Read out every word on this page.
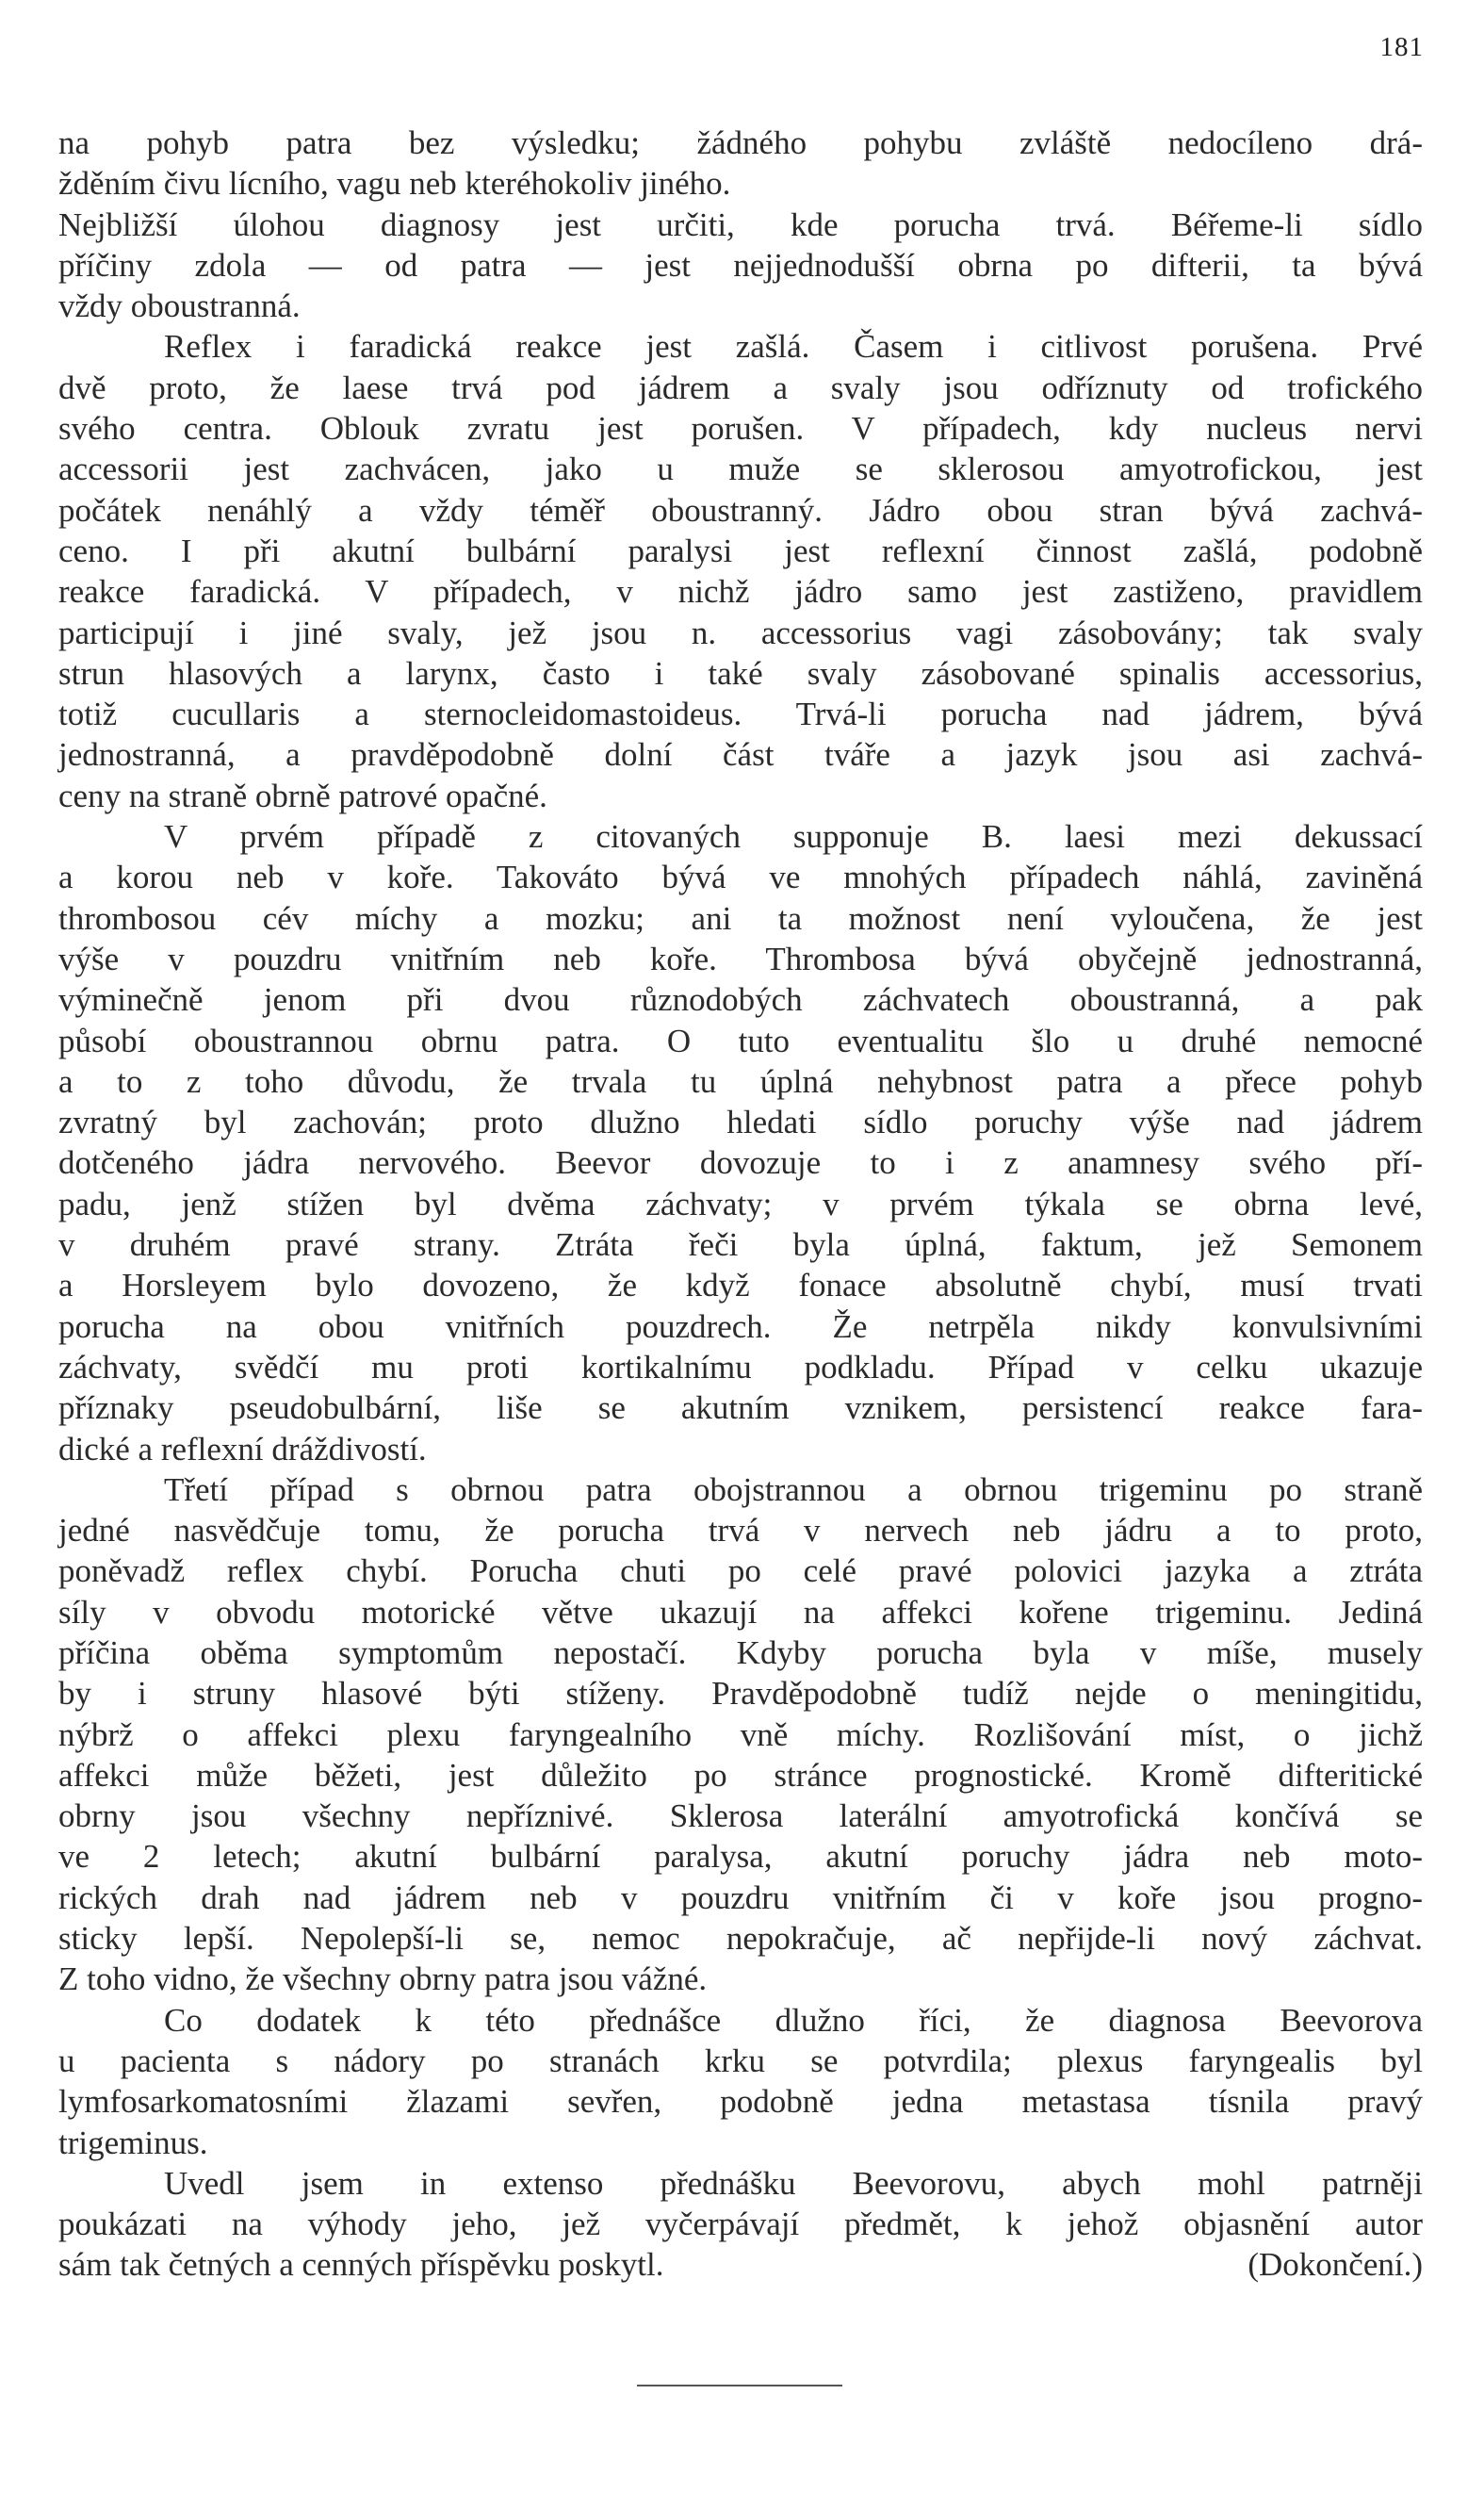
181
na pohyb patra bez výsledku; žádného pohybu zvláště nedocíleno drá-
žděním čivu lícního, vagu neb kteréhokoliv jiného.
Nejbližší úlohou diagnosy jest určiti, kde porucha trvá. Béřeme-li sídlo
příčiny zdola — od patra — jest nejjednodušší obrna po difterii, ta bývá
vždy oboustranná.
Reflex i faradická reakce jest zašlá. Časem i citlivost porušena. Prvé
dvě proto, že laese trvá pod jádrem a svaly jsou odříznuty od trofického
svého centra. Oblouk zvratu jest porušen. V případech, kdy nucleus nervi
accessorii jest zachvácen, jako u muže se sklerosou amyotrofickou, jest
počátek nenáhlý a vždy téměř oboustranný. Jádro obou stran bývá zachvá-
ceno. I při akutní bulbární paralysi jest reflexní činnost zašlá, podobně
reakce faradická. V případech, v nichž jádro samo jest zastiženo, pravidlem
participují i jiné svaly, jež jsou n. accessorius vagi zásobovány; tak svaly
strun hlasových a larynx, často i také svaly zásobované spinalis accessorius,
totiž cucullaris a sternocleidomastoideus. Trvá-li porucha nad jádrem, bývá
jednostranná, a pravděpodobně dolní část tváře a jazyk jsou asi zachvá-
ceny na straně obrně patrové opačné.
V prvém případě z citovaných supponuje B. laesi mezi dekussací
a korou neb v koře. Takováto bývá ve mnohých případech náhlá, zaviněná
thrombosou cév míchy a mozku; ani ta možnost není vyloučena, že jest
výše v pouzdru vnitřním neb koře. Thrombosa bývá obyčejně jednostranná,
výminečně jenom při dvou různodobých záchvatech oboustranná, a pak
působí oboustrannou obrnu patra. O tuto eventualitu šlo u druhé nemocné
a to z toho důvodu, že trvala tu úplná nehybnost patra a přece pohyb
zvratný byl zachován; proto dlužno hledati sídlo poruchy výše nad jádrem
dotčeného jádra nervového. Beevor dovozuje to i z anamnesy svého pří-
padu, jenž stížen byl dvěma záchvaty; v prvém týkala se obrna levé,
v druhém pravé strany. Ztráta řeči byla úplná, faktum, jež Semonem
a Horsleyem bylo dovozeno, že když fonace absolutně chybí, musí trvati
porucha na obou vnitřních pouzdrech. Že netrpěla nikdy konvulsivními
záchvaty, svědčí mu proti kortikalnímu podkladu. Případ v celku ukazuje
příznaky pseudobulbární, liše se akutním vznikem, persistencí reakce fara-
dické a reflexní dráždivostí.
Třetí případ s obrnou patra obojstrannou a obrnou trigeminu po straně
jedné nasvědčuje tomu, že porucha trvá v nervech neb jádru a to proto,
poněvadž reflex chybí. Porucha chuti po celé pravé polovici jazyka a ztráta
síly v obvodu motorické větve ukazují na affekci kořene trigeminu. Jediná
příčina oběma symptomům nepostačí. Kdyby porucha byla v míše, musely
by i struny hlasové býti stíženy. Pravděpodobně tudíž nejde o meningitidu,
nýbrž o affekci plexu faryngealního vně míchy. Rozlišování míst, o jichž
affekci může běžeti, jest důležito po stránce prognostické. Kromě difteritické
obrny jsou všechny nepříznivé. Sklerosa laterální amyotrofická končívá se
ve 2 letech; akutní bulbární paralysa, akutní poruchy jádra neb moto-
rických drah nad jádrem neb v pouzdru vnitřním či v koře jsou progno-
sticky lepší. Nepolepší-li se, nemoc nepokračuje, ač nepřijde-li nový záchvat.
Z toho vidno, že všechny obrny patra jsou vážné.
Co dodatek k této přednášce dlužno říci, že diagnosa Beevorova
u pacienta s nádory po stranách krku se potvrdila; plexus faryngealis byl
lymfosarkomatosními žlazami sevřen, podobně jedna metastasa tísnila pravý
trigeminus.
Uvedl jsem in extenso přednášku Beevorovu, abych mohl patrněji
poukázati na výhody jeho, jež vyčerpávají předmět, k jehož objasnění autor
sám tak četných a cenných příspěvku poskytl.	(Dokončení.)
